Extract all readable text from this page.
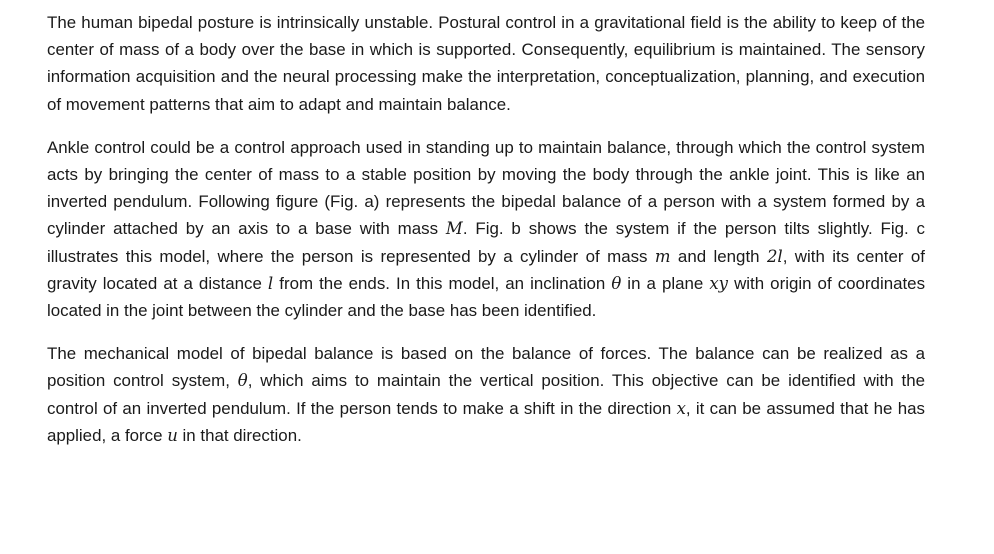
The human bipedal posture is intrinsically unstable. Postural control in a gravitational field is the ability to keep of the center of mass of a body over the base in which is supported. Consequently, equilibrium is maintained. The sensory information acquisition and the neural processing make the interpretation, conceptualization, planning, and execution of movement patterns that aim to adapt and maintain balance.

Ankle control could be a control approach used in standing up to maintain balance, through which the control system acts by bringing the center of mass to a stable position by moving the body through the ankle joint. This is like an inverted pendulum. Following figure (Fig. a) represents the bipedal balance of a person with a system formed by a cylinder attached by an axis to a base with mass M. Fig. b shows the system if the person tilts slightly. Fig. c illustrates this model, where the person is represented by a cylinder of mass m and length 2l, with its center of gravity located at a distance l from the ends. In this model, an inclination θ in a plane xy with origin of coordinates located in the joint between the cylinder and the base has been identified.

The mechanical model of bipedal balance is based on the balance of forces. The balance can be realized as a position control system, θ, which aims to maintain the vertical position. This objective can be identified with the control of an inverted pendulum. If the person tends to make a shift in the direction x, it can be assumed that he has applied, a force u in that direction.
